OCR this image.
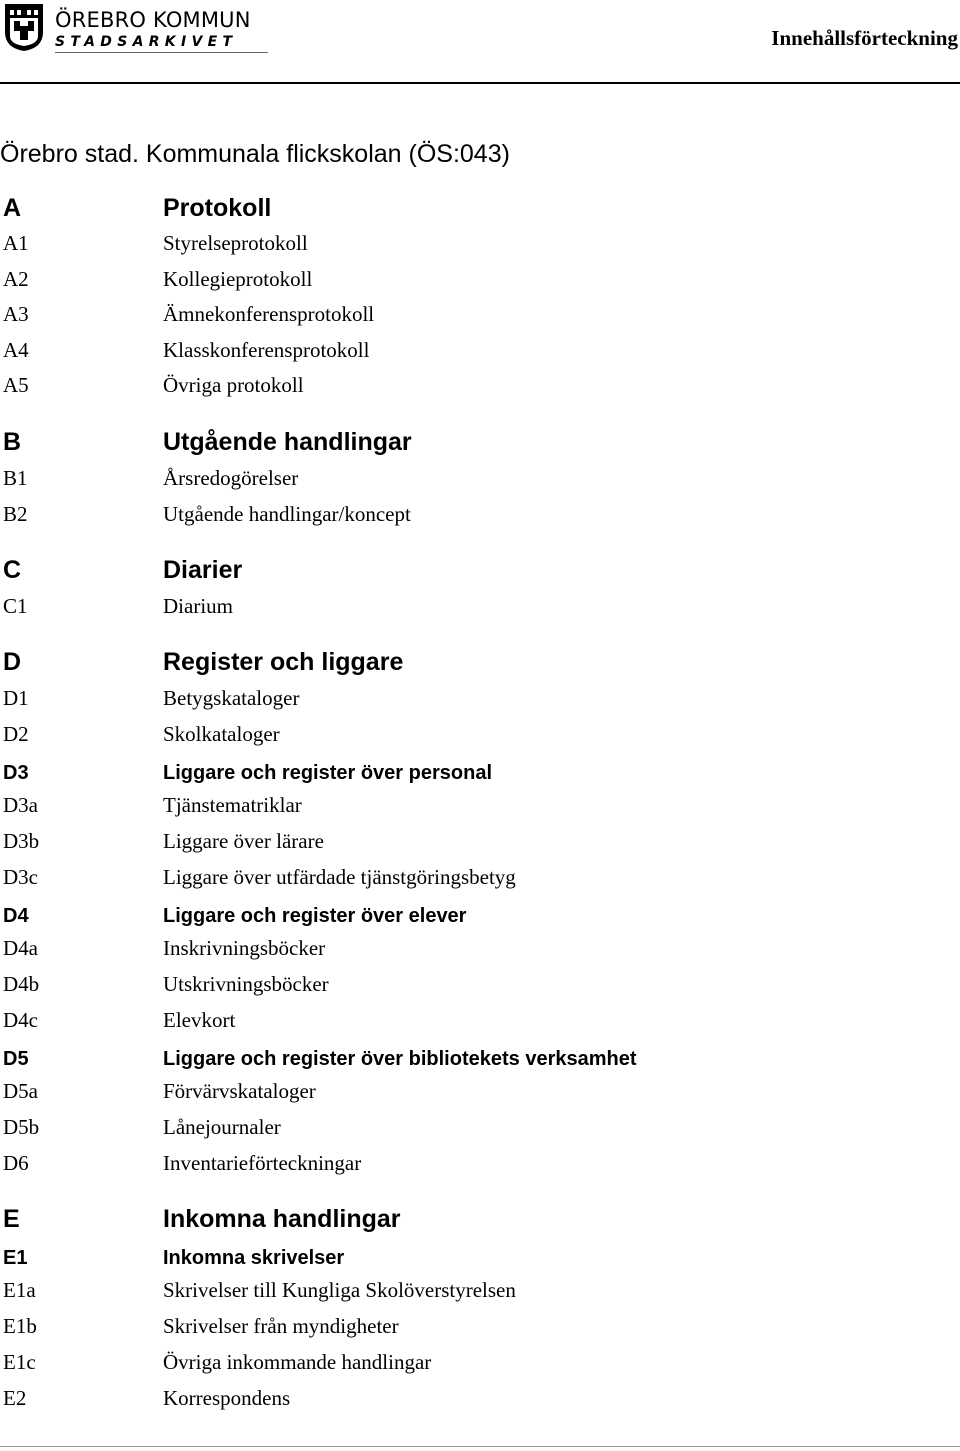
ÖREBRO KOMMUN
STADSARKIVET	Innehållsförteckning
Örebro stad. Kommunala flickskolan (ÖS:043)
A	Protokoll
A1	Styrelseprotokoll
A2	Kollegieprotokoll
A3	Ämnekonferensprotokoll
A4	Klasskonferensprotokoll
A5	Övriga protokoll
B	Utgående handlingar
B1	Årsredogörelser
B2	Utgående handlingar/koncept
C	Diarier
C1	Diarium
D	Register och liggare
D1	Betygskataloger
D2	Skolkataloger
D3	Liggare och register över personal
D3a	Tjänstematriklar
D3b	Liggare över lärare
D3c	Liggare över utfärdade tjänstgöringsbetyg
D4	Liggare och register över elever
D4a	Inskrivningsböcker
D4b	Utskrivningsböcker
D4c	Elevkort
D5	Liggare och register över bibliotekets verksamhet
D5a	Förvärvskataloger
D5b	Lånejournaler
D6	Inventarieförteckningar
E	Inkomna handlingar
E1	Inkomna skrivelser
E1a	Skrivelser till Kungliga Skolöverstyrelsen
E1b	Skrivelser från myndigheter
E1c	Övriga inkommande handlingar
E2	Korrespondens
